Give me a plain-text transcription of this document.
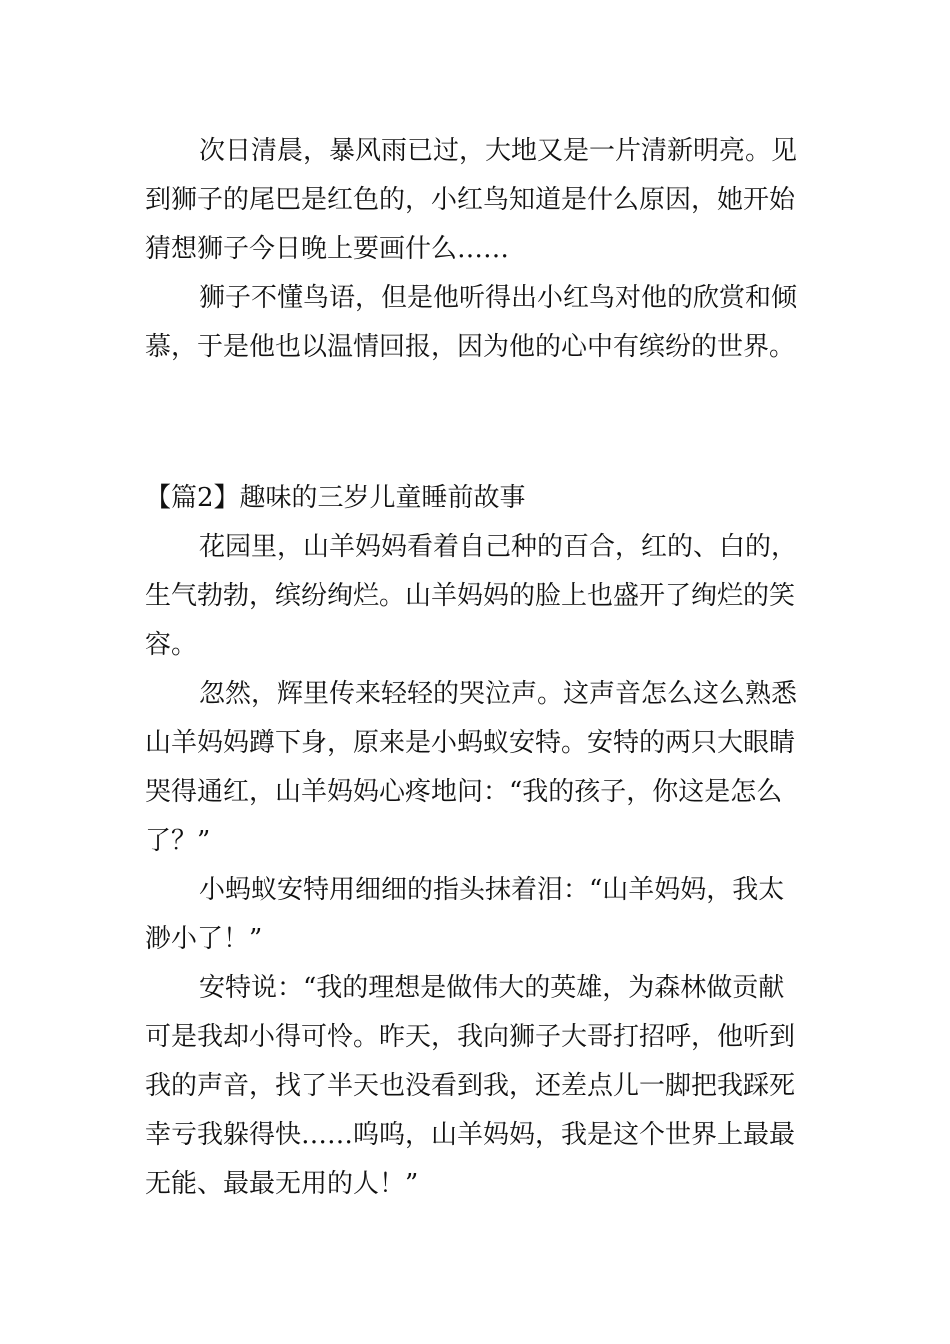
次日清晨，暴风雨已过，大地又是一片清新明亮。见
到狮子的尾巴是红色的，小红鸟知道是什么原因，她开始
猜想狮子今日晚上要画什么……
狮子不懂鸟语，但是他听得出小红鸟对他的欣赏和倾
慕，于是他也以温情回报，因为他的心中有缤纷的世界。
【篇2】趣味的三岁儿童睡前故事
花园里，山羊妈妈看着自己种的百合，红的、白的，
生气勃勃，缤纷绚烂。山羊妈妈的脸上也盛开了绚烂的笑
容。
忽然，辉里传来轻轻的哭泣声。这声音怎么这么熟悉
山羊妈妈蹲下身，原来是小蚂蚁安特。安特的两只大眼睛
哭得通红，山羊妈妈心疼地问：“我的孩子，你这是怎么
了？”
小蚂蚁安特用细细的指头抹着泪：“山羊妈妈，我太
渺小了！”
安特说：“我的理想是做伟大的英雄，为森林做贡献
可是我却小得可怜。昨天，我向狮子大哥打招呼，他听到
我的声音，找了半天也没看到我，还差点儿一脚把我踩死
幸亏我躲得快……呜呜，山羊妈妈，我是这个世界上最最
无能、最最无用的人！”
